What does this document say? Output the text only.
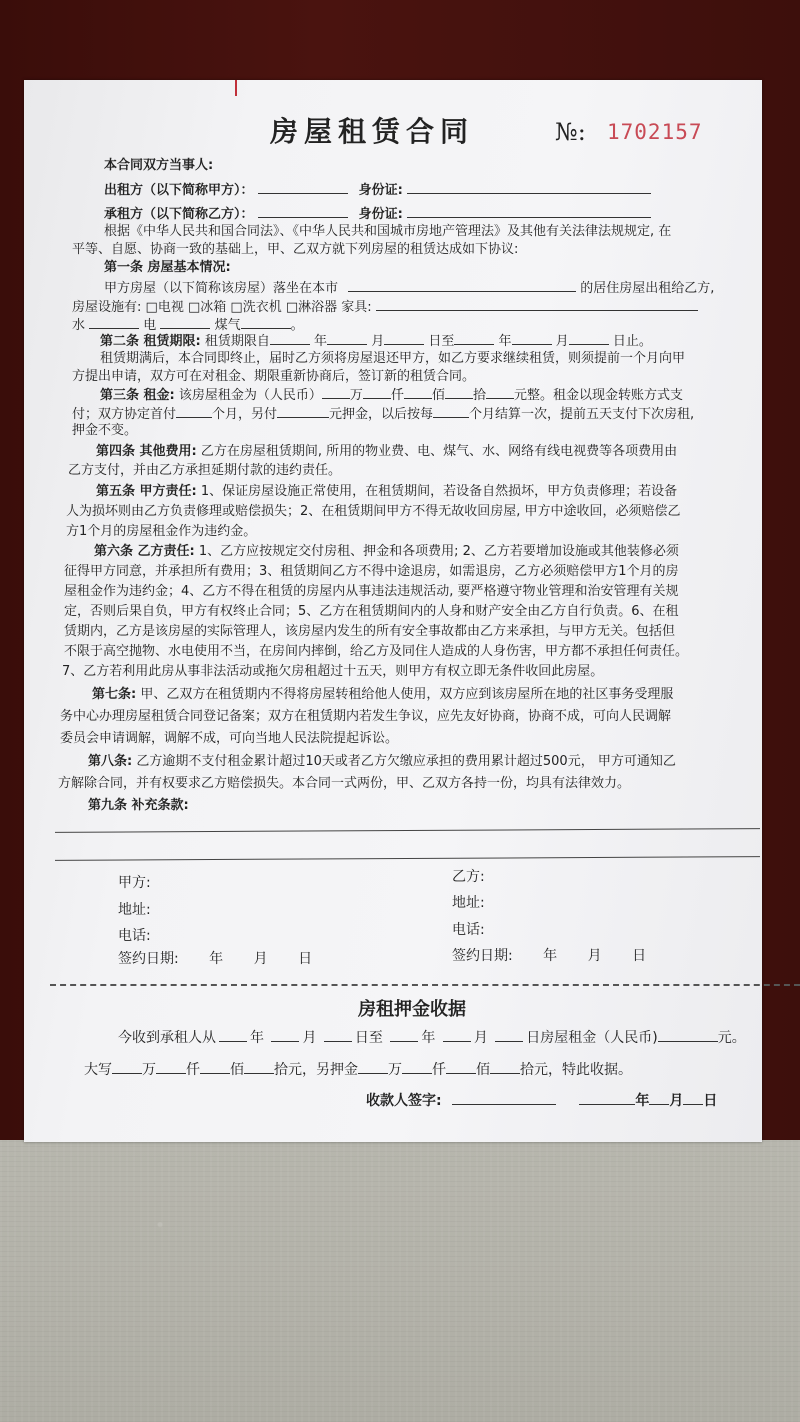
房屋租赁合同	№: 1702157
本合同双方当事人:
出租方（以下简称甲方）：	身份证:
承租方（以下简称乙方）：	身份证:
根据《中华人民共和国合同法》、《中华人民共和国城市房地产管理法》及其他有关法律法规规定, 在
平等、自愿、协商一致的基础上，甲、乙双方就下列房屋的租赁达成如下协议:
第一条 房屋基本情况:
甲方房屋（以下简称该房屋）落坐在本市	的居住房屋出租给乙方,
房屋设施有: □电视 □冰箱 □洗衣机 □淋浴器 家具:
水	电	煤气	。
第二条 租赁期限: 租赁期限自	年	月	日至	年	月	日止。
租赁期满后，本合同即终止，届时乙方须将房屋退还甲方，如乙方要求继续租赁，则须提前一个月向甲
方提出申请，双方可在对租金、期限重新协商后，签订新的租赁合同。
第三条 租金: 该房屋租金为（人民币） 万 仟 佰 拾 元整。租金以现金转账方式支
付；双方协定首付	个月，另付	元押金，以后按每	个月结算一次，提前五天支付下次房租,
押金不变。
第四条 其他费用: 乙方在房屋租赁期间, 所用的物业费、电、煤气、水、网络有线电视费等各项费用由
乙方支付，并由乙方承担延期付款的违约责任。
第五条 甲方责任: 1、保证房屋设施正常使用，在租赁期间，若设备自然损坏，甲方负责修理；若设备
人为损坏则由乙方负责修理或赔偿损失；2、在租赁期间甲方不得无故收回房屋, 甲方中途收回，必须赔偿乙
方1个月的房屋租金作为违约金。
第六条 乙方责任: 1、乙方应按规定交付房租、押金和各项费用; 2、乙方若要增加设施或其他装修必须
征得甲方同意，并承担所有费用；3、租赁期间乙方不得中途退房，如需退房，乙方必须赔偿甲方1个月的房
屋租金作为违约金；4、乙方不得在租赁的房屋内从事违法违规活动, 要严格遵守物业管理和治安管理有关规
定，否则后果自负，甲方有权终止合同；5、乙方在租赁期间内的人身和财产安全由乙方自行负责。6、在租
赁期内，乙方是该房屋的实际管理人，该房屋内发生的所有安全事故都由乙方来承担，与甲方无关。包括但
不限于高空抛物、水电使用不当，在房间内摔倒，给乙方及同住人造成的人身伤害，甲方都不承担任何责任。
7、乙方若利用此房从事非法活动或拖欠房租超过十五天，则甲方有权立即无条件收回此房屋。
第七条: 甲、乙双方在租赁期内不得将房屋转租给他人使用，双方应到该房屋所在地的社区事务受理服
务中心办理房屋租赁合同登记备案；双方在租赁期内若发生争议，应先友好协商，协商不成，可向人民调解
委员会申请调解，调解不成，可向当地人民法院提起诉讼。
第八条: 乙方逾期不支付租金累计超过10天或者乙方欠缴应承担的费用累计超过500元， 甲方可通知乙
方解除合同，并有权要求乙方赔偿损失。本合同一式两份，甲、乙双方各持一份，均具有法律效力。
第九条 补充条款:
甲方:
地址:
电话:
签约日期: 年 月 日
乙方:
地址:
电话:
签约日期: 年 月 日
房租押金收据
今收到承租人从 年	月	日至	年	月	日房屋租金（人民币)	元。
大写 万 仟 佰 拾元，另押金 万 仟 佰 拾元，特此收据。
收款人签字:	年 月 日
